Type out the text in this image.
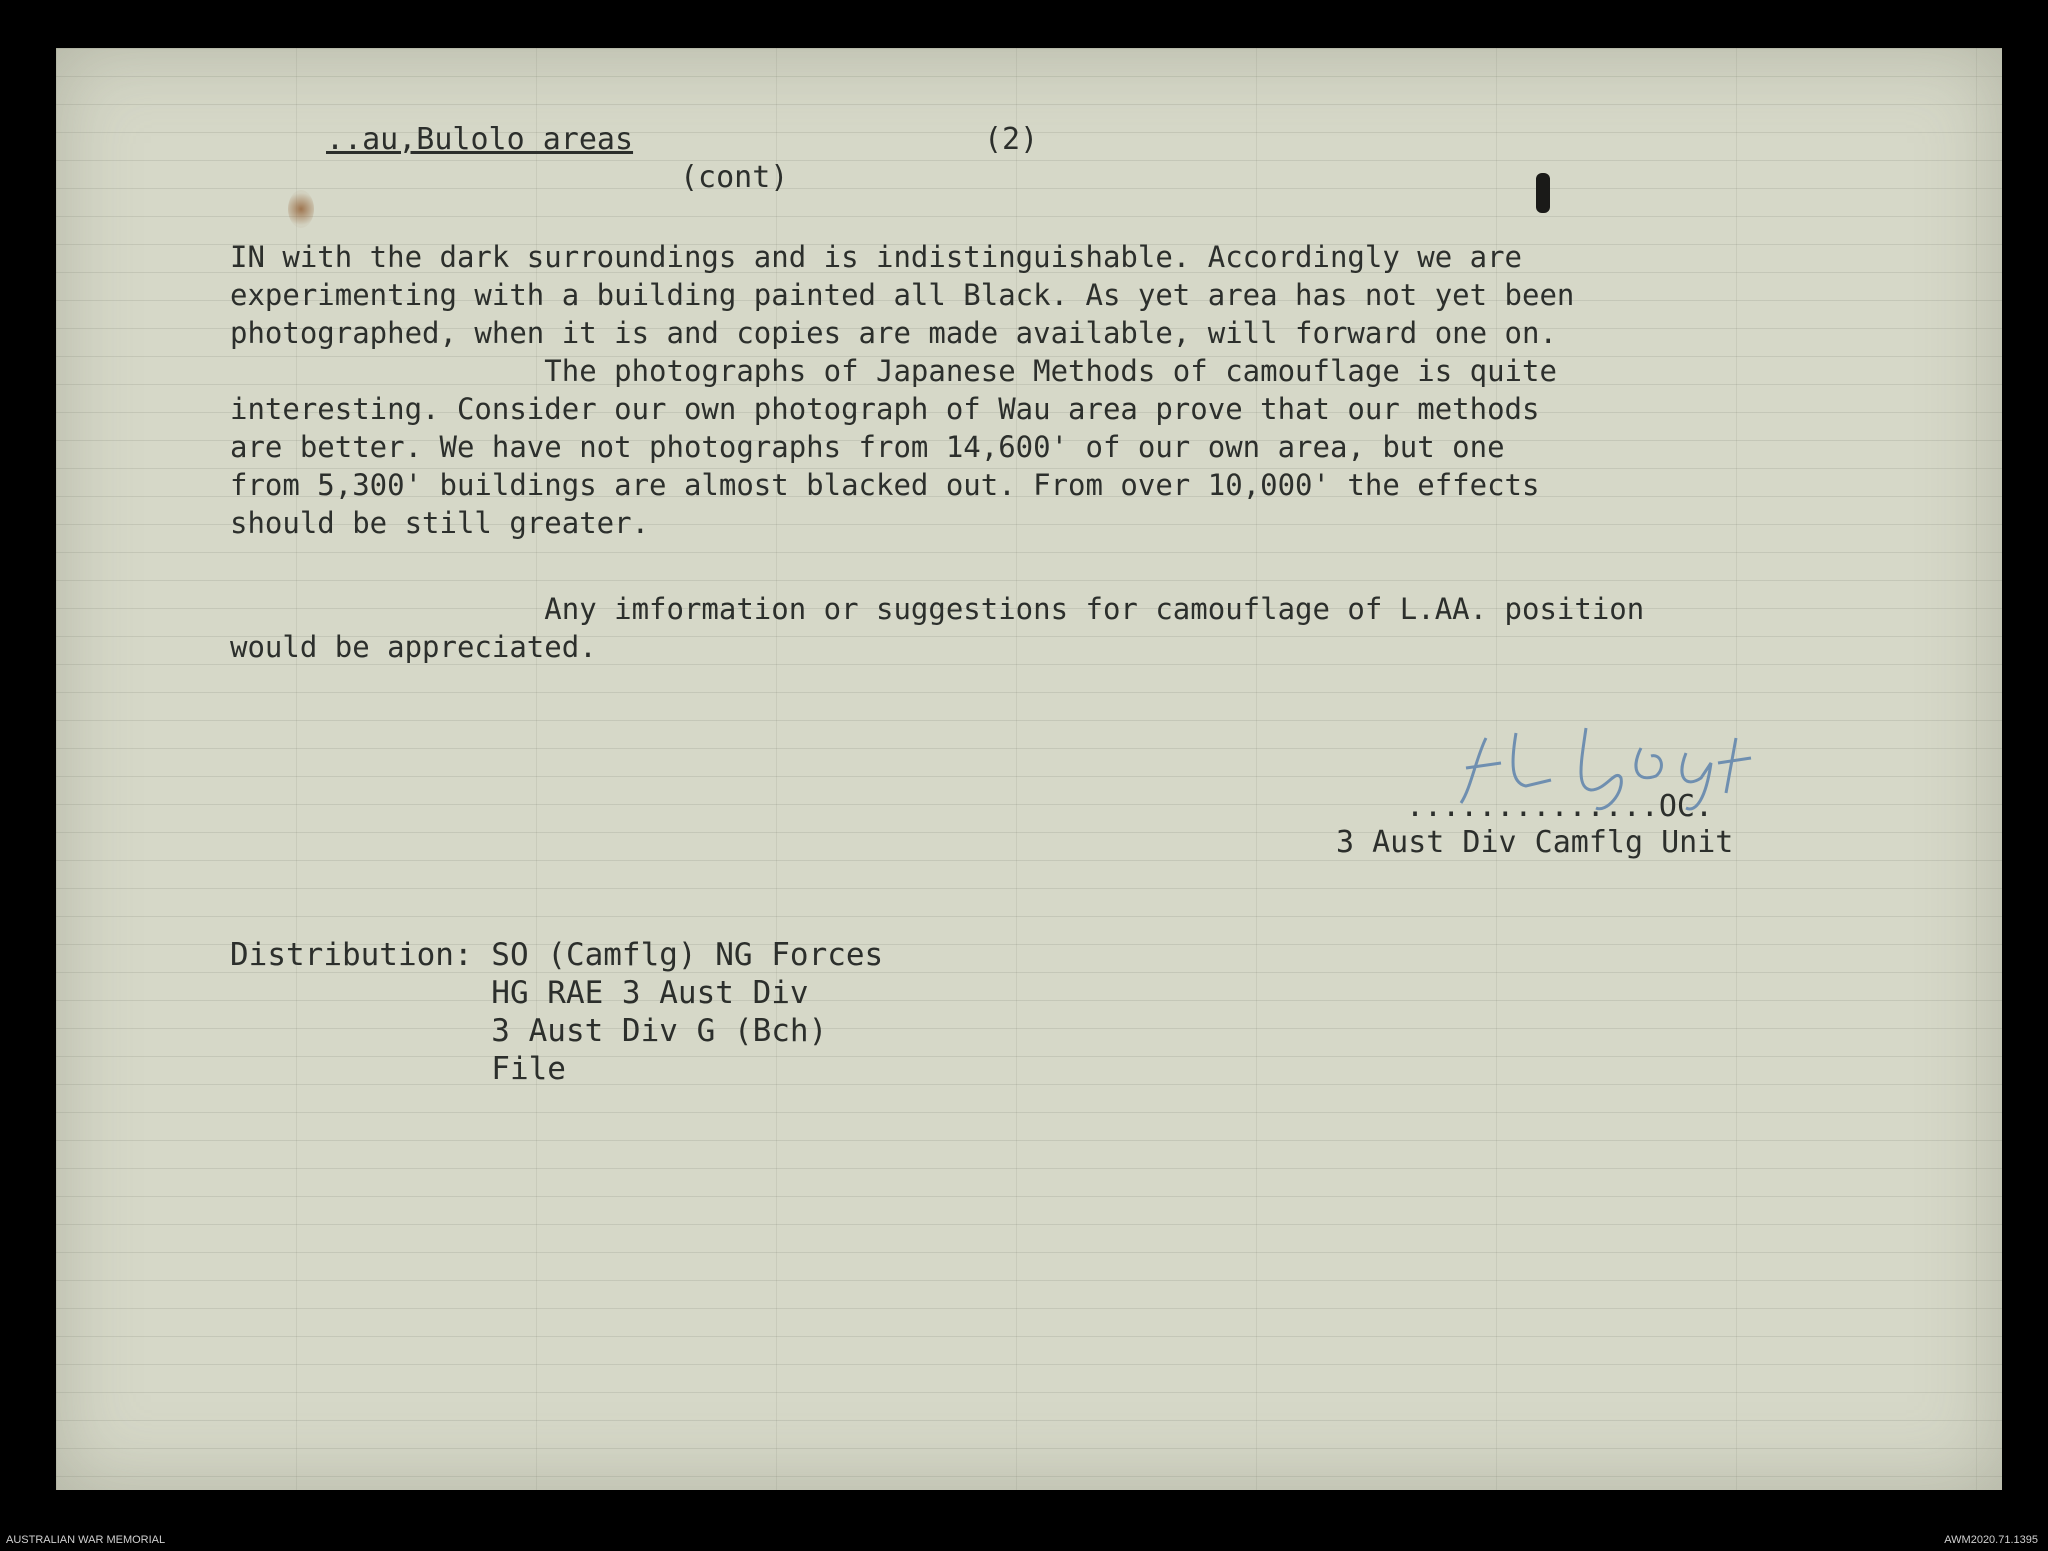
..au,Bulolo areas	(2)
(cont)
IN with the dark surroundings and is indistinguishable. Accordingly we are
experimenting with a building painted all Black. As yet area has not yet been
photographed, when it is and copies are made available, will forward one on.
The photographs of Japanese Methods of camouflage is quite
interesting. Consider our own photograph of Wau area prove that our methods
are better. We have not photographs from 14,600' of our own area, but one
from 5,300' buildings are almost blacked out. From over 10,000' the effects
should be still greater.
Any imformation or suggestions for camouflage of L.AA. position
would be appreciated.
..............OC.
3 Aust Div Camflg Unit
Distribution: SO (Camflg) NG Forces
HG RAE 3 Aust Div
3 Aust Div G (Bch)
File
AUSTRALIAN WAR MEMORIAL	AWM2020.71.1395
